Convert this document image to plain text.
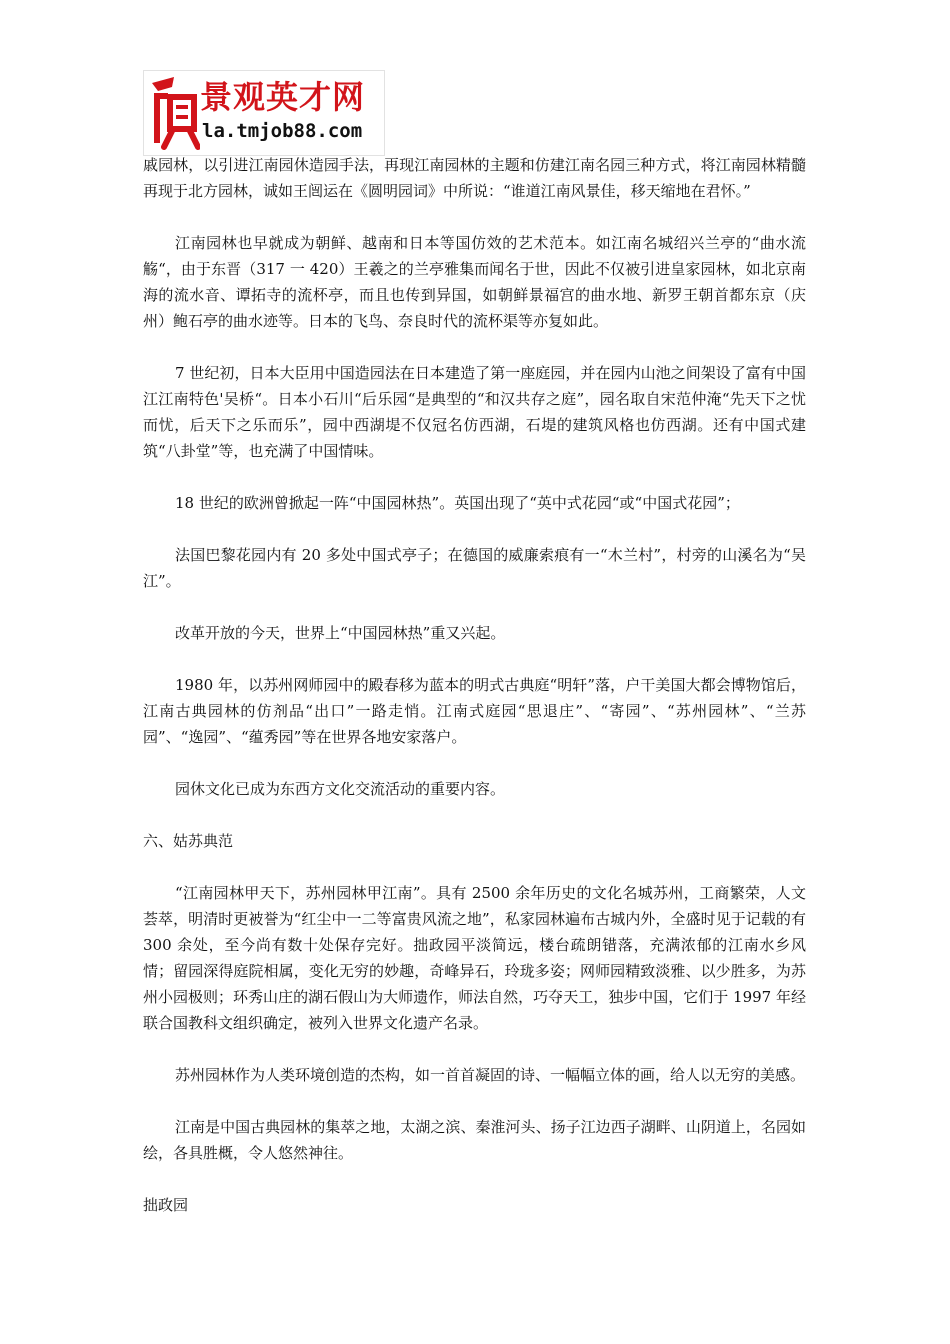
景观英才网
la.tmjob88.com

戚园林，以引进江南园休造园手法，再现江南园林的主题和仿建江南名园三种方式，将江南园林精髓再现于北方园林，诚如王闿运在《圆明园词》中所说：“谁道江南风景佳，移天缩地在君怀。”

江南园林也早就成为朝鲜、越南和日本等国仿效的艺术范本。如江南名城绍兴兰亭的“曲水流觞“，由于东晋（317 一 420）王羲之的兰亭雅集而闻名于世，因此不仅被引进皇家园林，如北京南海的流水音、谭拓寺的流杯亭，而且也传到异国，如朝鲜景福宫的曲水地、新罗王朝首都东京（庆州）鲍石亭的曲水迹等。日本的飞鸟、奈良时代的流杯渠等亦复如此。

7 世纪初，日本大臣用中国造园法在日本建造了第一座庭园，并在园内山池之间架设了富有中国江江南特色'吴桥“。日本小石川“后乐园“是典型的“和汉共存之庭”，园名取自宋范仲淹“先天下之忧而忧，后天下之乐而乐”，园中西湖堤不仅冠名仿西湖，石堤的建筑风格也仿西湖。还有中国式建筑“八卦堂”等，也充满了中国情味。

18 世纪的欧洲曾掀起一阵“中国园林热”。英国出现了“英中式花园“或“中国式花园”；

法国巴黎花园内有 20 多处中国式亭子；在德国的威廉索痕有一“木兰村”，村旁的山溪名为“吴江”。

改革开放的今天，世界上“中国园林热”重又兴起。

1980 年，以苏州网师园中的殿春移为蓝本的明式古典庭“明轩”落，户干美国大都会博物馆后，江南古典园林的仿剂品“出口”一路走悄。江南式庭园“思退庄”、“寄园”、“苏州园林”、“兰苏园”、“逸园”、“蕴秀园”等在世界各地安家落户。

园休文化已成为东西方文化交流活动的重要内容。

六、姑苏典范

“江南园林甲天下，苏州园林甲江南”。具有 2500 余年历史的文化名城苏州，工商繁荣，人文荟萃，明清时更被誉为“红尘中一二等富贵风流之地”，私家园林遍布古城内外，全盛时见于记载的有 300 余处，至今尚有数十处保存完好。拙政园平淡简远，楼台疏朗错落，充满浓郁的江南水乡风情；留园深得庭院相属，变化无穷的妙趣，奇峰异石，玲珑多姿；网师园精致淡雅、以少胜多，为苏州小园极则；环秀山庄的湖石假山为大师遗作，师法自然，巧夺天工，独步中国，它们于 1997 年经联合国教科文组织确定，被列入世界文化遗产名录。

苏州园林作为人类环境创造的杰构，如一首首凝固的诗、一幅幅立体的画，给人以无穷的美感。

江南是中国古典园林的集萃之地，太湖之滨、秦淮河头、扬子江边西子湖畔、山阴道上，名园如绘，各具胜概，令人悠然神往。

拙政园
